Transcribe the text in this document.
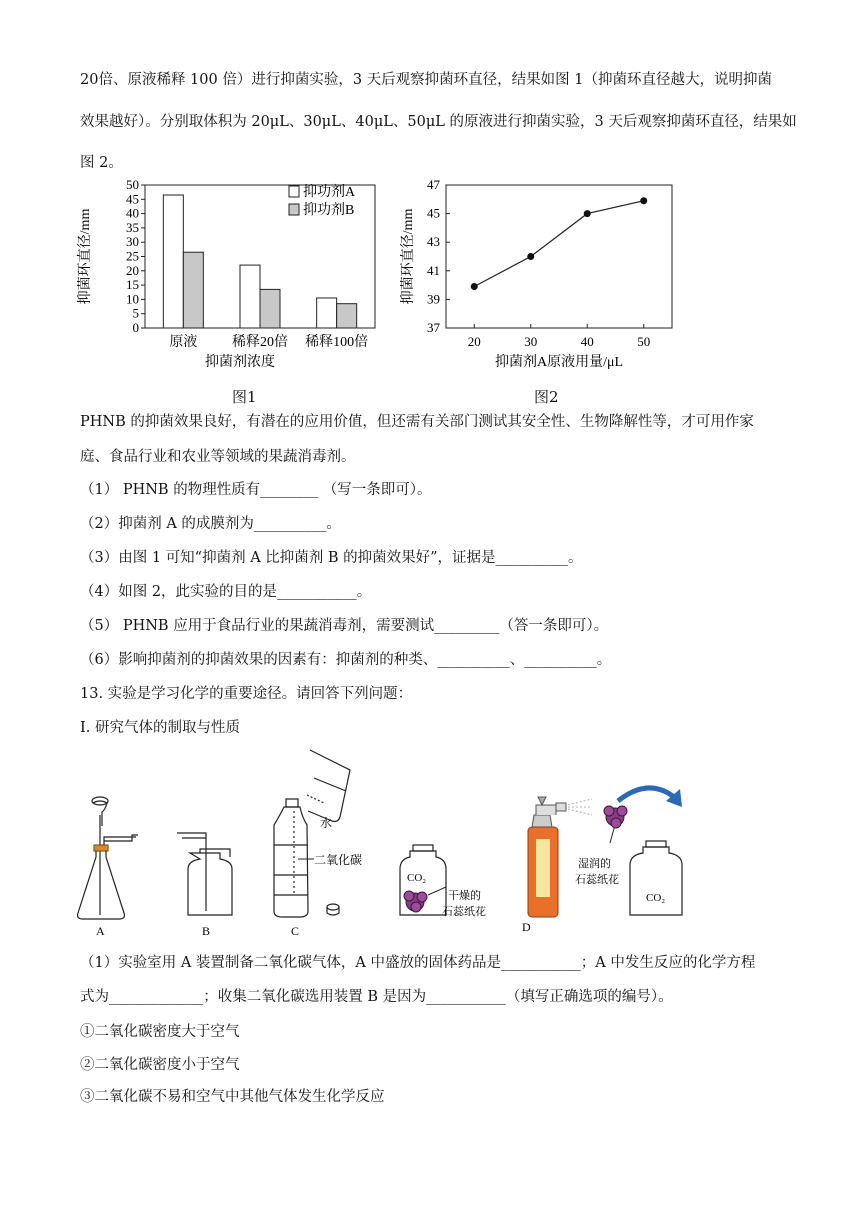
20倍、原液稀释 100 倍）进行抑菌实验，3 天后观察抑菌环直径，结果如图 1（抑菌环直径越大，说明抑菌
效果越好）。分别取体积为 20μL、30μL、40μL、50μL 的原液进行抑菌实验，3 天后观察抑菌环直径，结果如
图 2。
0
5
10
15
20
25
30
35
40
45
50
原液 稀释20倍 稀释100倍
抑菌剂浓度
抑菌环直径/mm
抑功剂A
抑功剂B
图1
37
39
41
43
45
47
20	30	40	50
抑菌剂A原液用量/μL
抑菌环直径/mm
图2
PHNB 的抑菌效果良好，有潜在的应用价值，但还需有关部门测试其安全性、生物降解性等，才可用作家
庭、食品行业和农业等领域的果蔬消毒剂。
（1） PHNB 的物理性质有________ （写一条即可）。
（2）抑菌剂 A 的成膜剂为__________。
（3）由图 1 可知“抑菌剂 A 比抑菌剂 B 的抑菌效果好”，证据是__________。
（4）如图 2，此实验的目的是___________。
（5） PHNB 应用于食品行业的果蔬消毒剂，需要测试_________（答一条即可）。
（6）影响抑菌剂的抑菌效果的因素有：抑菌剂的种类、__________、__________。
13. 实验是学习化学的重要途径。请回答下列问题：
I. 研究气体的制取与性质
A	B
水
二氧化碳
C
CO₂
干燥的
石蕊纸花
湿润的
石蕊纸花
CO₂
D
（1）实验室用 A 装置制备二氧化碳气体，A 中盛放的固体药品是___________；A 中发生反应的化学方程
式为_____________；收集二氧化碳选用装置 B 是因为___________（填写正确选项的编号）。
①二氧化碳密度大于空气
②二氧化碳密度小于空气
③二氧化碳不易和空气中其他气体发生化学反应
